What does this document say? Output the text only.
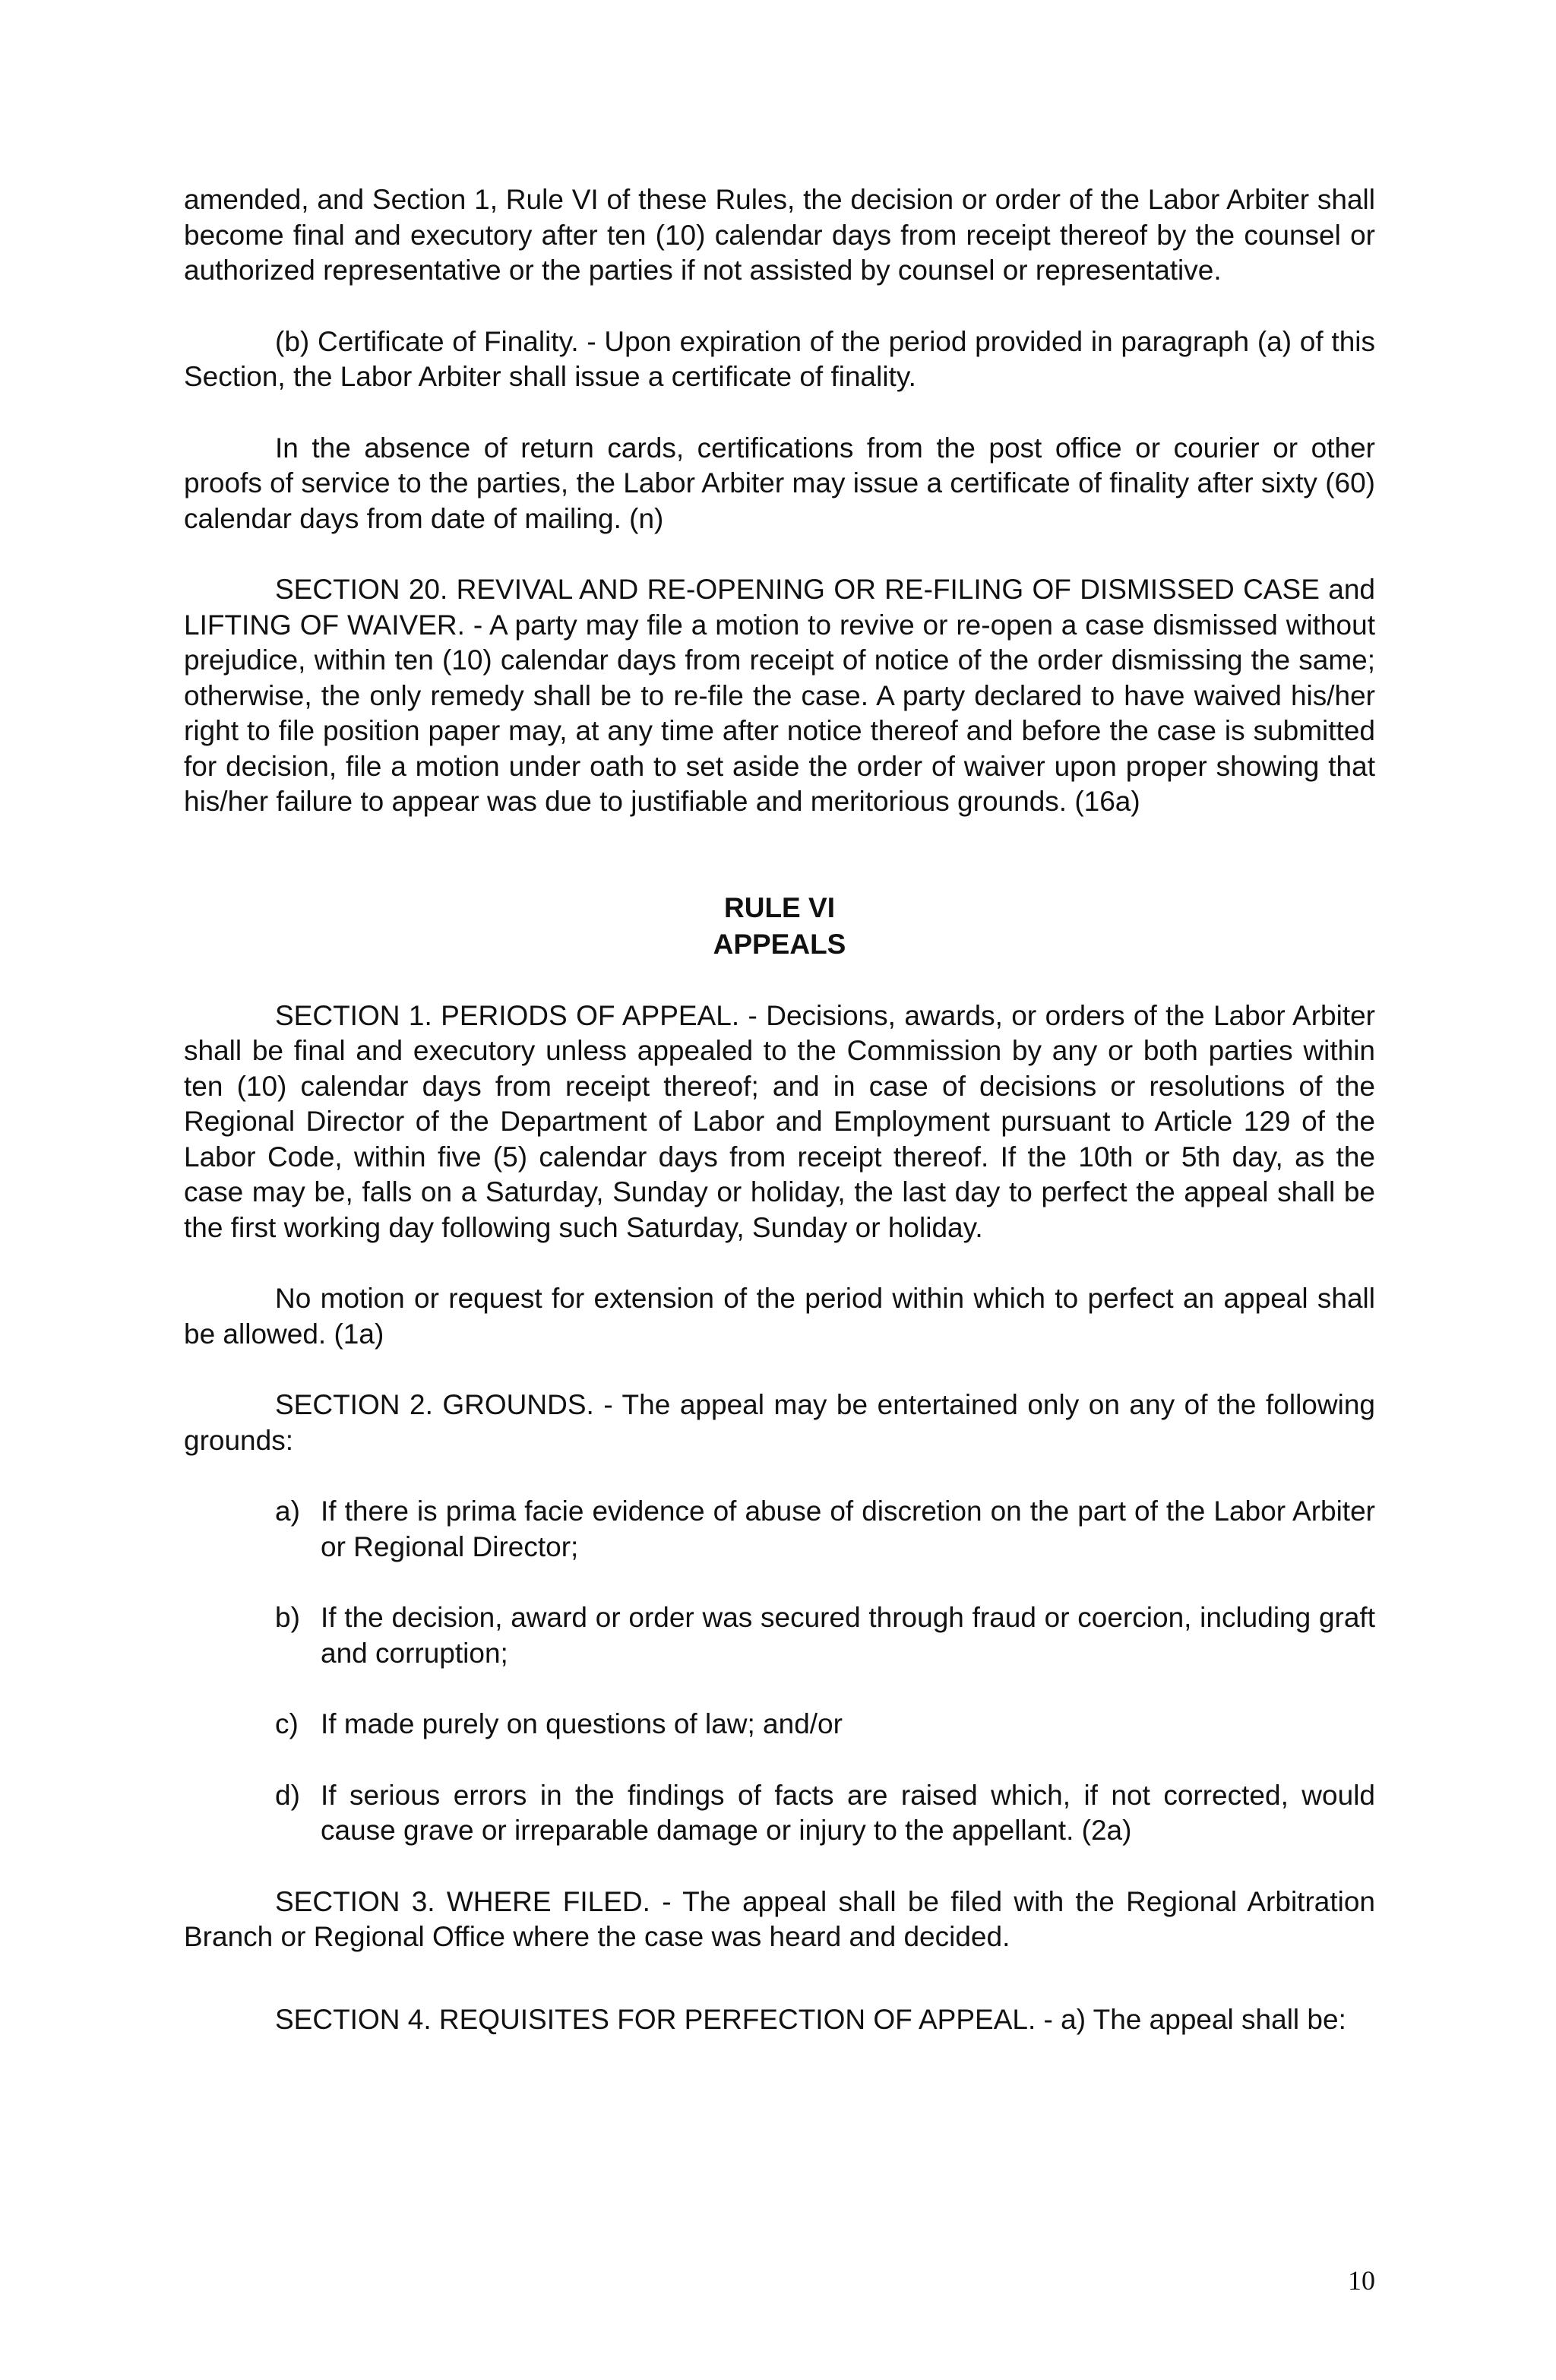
amended, and Section 1, Rule VI of these Rules, the decision or order of the Labor Arbiter shall become final and executory after ten (10) calendar days from receipt thereof by the counsel or authorized representative or the parties if not assisted by counsel or representative.

(b) Certificate of Finality. - Upon expiration of the period provided in paragraph (a) of this Section, the Labor Arbiter shall issue a certificate of finality.

In the absence of return cards, certifications from the post office or courier or other proofs of service to the parties, the Labor Arbiter may issue a certificate of finality after sixty (60) calendar days from date of mailing. (n)

SECTION 20. REVIVAL AND RE-OPENING OR RE-FILING OF DISMISSED CASE and LIFTING OF WAIVER. - A party may file a motion to revive or re-open a case dismissed without prejudice, within ten (10) calendar days from receipt of notice of the order dismissing the same; otherwise, the only remedy shall be to re-file the case. A party declared to have waived his/her right to file position paper may, at any time after notice thereof and before the case is submitted for decision, file a motion under oath to set aside the order of waiver upon proper showing that his/her failure to appear was due to justifiable and meritorious grounds. (16a)

RULE VI
APPEALS

SECTION 1. PERIODS OF APPEAL. - Decisions, awards, or orders of the Labor Arbiter shall be final and executory unless appealed to the Commission by any or both parties within ten (10) calendar days from receipt thereof; and in case of decisions or resolutions of the Regional Director of the Department of Labor and Employment pursuant to Article 129 of the Labor Code, within five (5) calendar days from receipt thereof. If the 10th or 5th day, as the case may be, falls on a Saturday, Sunday or holiday, the last day to perfect the appeal shall be the first working day following such Saturday, Sunday or holiday.

No motion or request for extension of the period within which to perfect an appeal shall be allowed. (1a)

SECTION 2. GROUNDS. - The appeal may be entertained only on any of the following grounds:

a) If there is prima facie evidence of abuse of discretion on the part of the Labor Arbiter or Regional Director;
b) If the decision, award or order was secured through fraud or coercion, including graft and corruption;
c) If made purely on questions of law; and/or
d) If serious errors in the findings of facts are raised which, if not corrected, would cause grave or irreparable damage or injury to the appellant. (2a)

SECTION 3. WHERE FILED. - The appeal shall be filed with the Regional Arbitration Branch or Regional Office where the case was heard and decided.

SECTION 4. REQUISITES FOR PERFECTION OF APPEAL. - a) The appeal shall be:

10
